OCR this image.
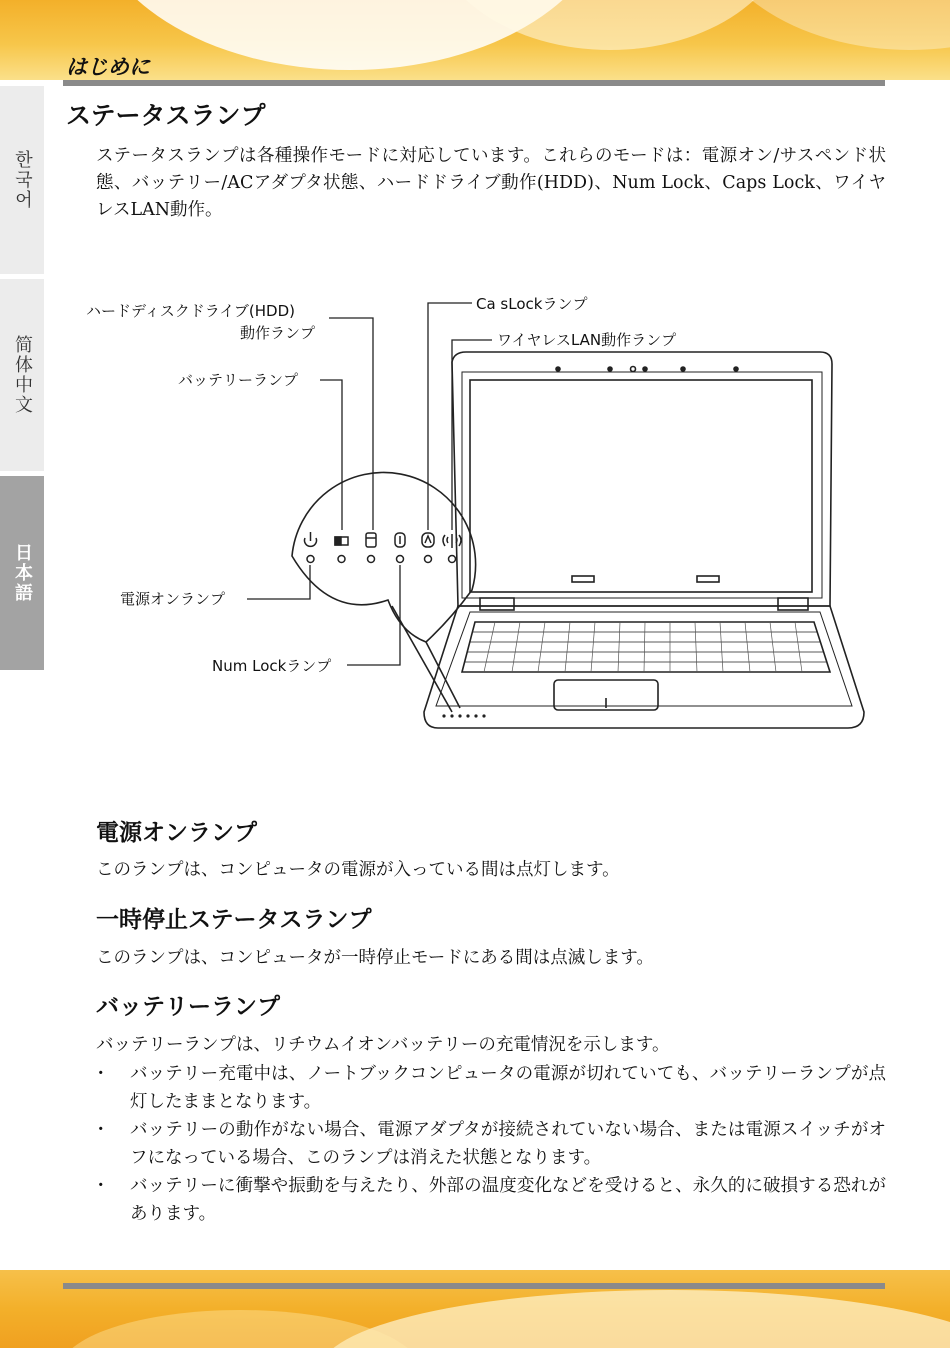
はじめに
한국어
简体中文
日本語
ステータスランプ

ステータスランプは各種操作モードに対応しています。これらのモードは：電源オン/サスペンド状態、バッテリー/ACアダプタ状態、ハードドライブ動作(HDD)、Num Lock、Caps Lock、ワイヤレスLAN動作。

ハードディスクドライブ(HDD)
動作ランプ
バッテリーランプ
電源オンランプ
Num Lockランプ
Ca sLockランプ
ワイヤレスLAN動作ランプ
電源オンランプ

このランプは、コンピュータの電源が入っている間は点灯します。

一時停止ステータスランプ

このランプは、コンピュータが一時停止モードにある間は点滅します。

バッテリーランプ

バッテリーランプは、リチウムイオンバッテリーの充電情況を示します。

・ バッテリー充電中は、ノートブックコンピュータの電源が切れていても、バッテリーランプが点灯したままとなります。
・ バッテリーの動作がない場合、電源アダプタが接続されていない場合、または電源スイッチがオフになっている場合、このランプは消えた状態となります。
・ バッテリーに衝撃や振動を与えたり、外部の温度変化などを受けると、永久的に破損する恐れがあります。
